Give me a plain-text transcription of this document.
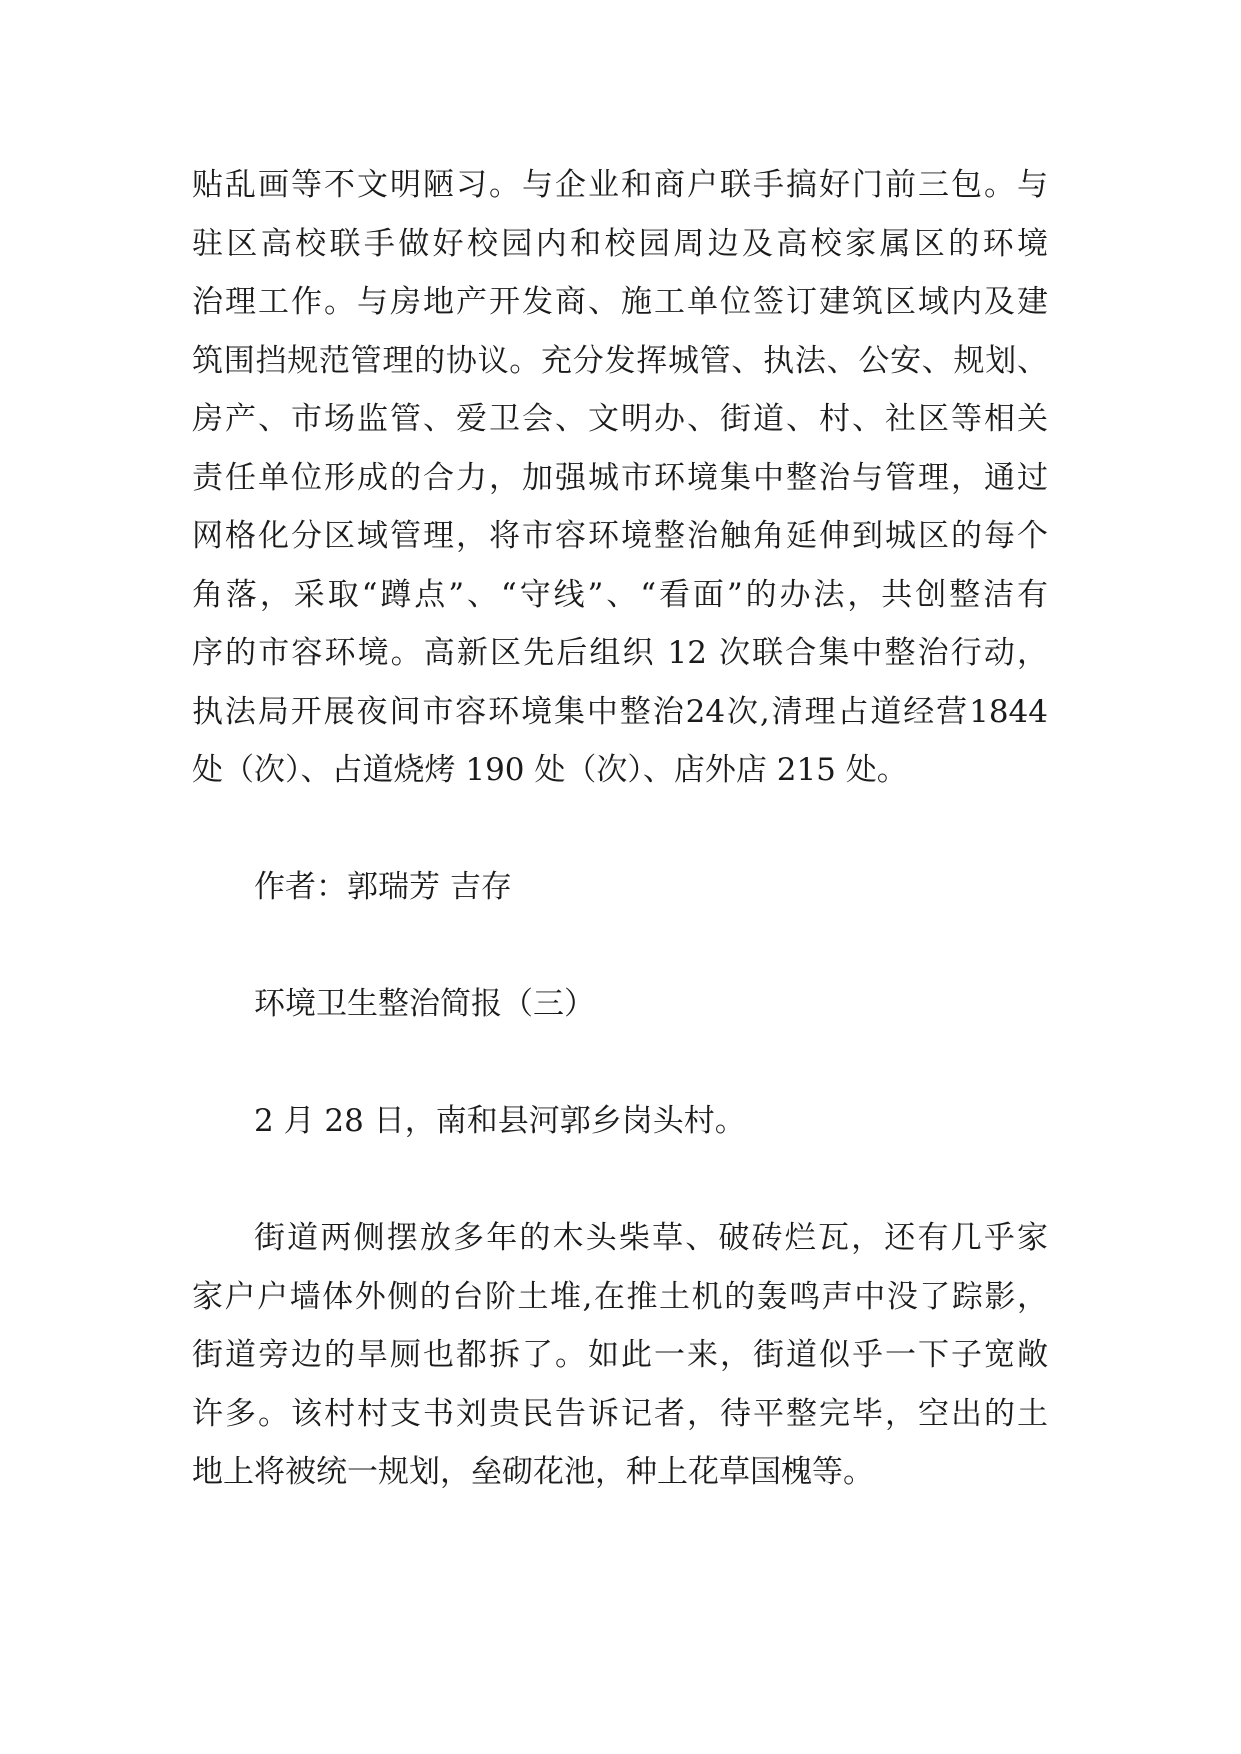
贴乱画等不文明陋习。与企业和商户联手搞好门前三包。与
驻区高校联手做好校园内和校园周边及高校家属区的环境
治理工作。与房地产开发商、施工单位签订建筑区域内及建
筑围挡规范管理的协议。充分发挥城管、执法、公安、规划、
房产、市场监管、爱卫会、文明办、街道、村、社区等相关
责任单位形成的合力，加强城市环境集中整治与管理，通过
网格化分区域管理，将市容环境整治触角延伸到城区的每个
角落，采取“蹲点”、“守线”、“看面”的办法，共创整洁有
序的市容环境。高新区先后组织 12 次联合集中整治行动，
执法局开展夜间市容环境集中整治24次,清理占道经营1844
处（次）、占道烧烤 190 处（次）、店外店 215 处。
作者：郭瑞芳 吉存
环境卫生整治简报（三）
2 月 28 日，南和县河郭乡岗头村。
街道两侧摆放多年的木头柴草、破砖烂瓦，还有几乎家
家户户墙体外侧的台阶土堆,在推土机的轰鸣声中没了踪影，
街道旁边的旱厕也都拆了。如此一来，街道似乎一下子宽敞
许多。该村村支书刘贵民告诉记者，待平整完毕，空出的土
地上将被统一规划，垒砌花池，种上花草国槐等。
